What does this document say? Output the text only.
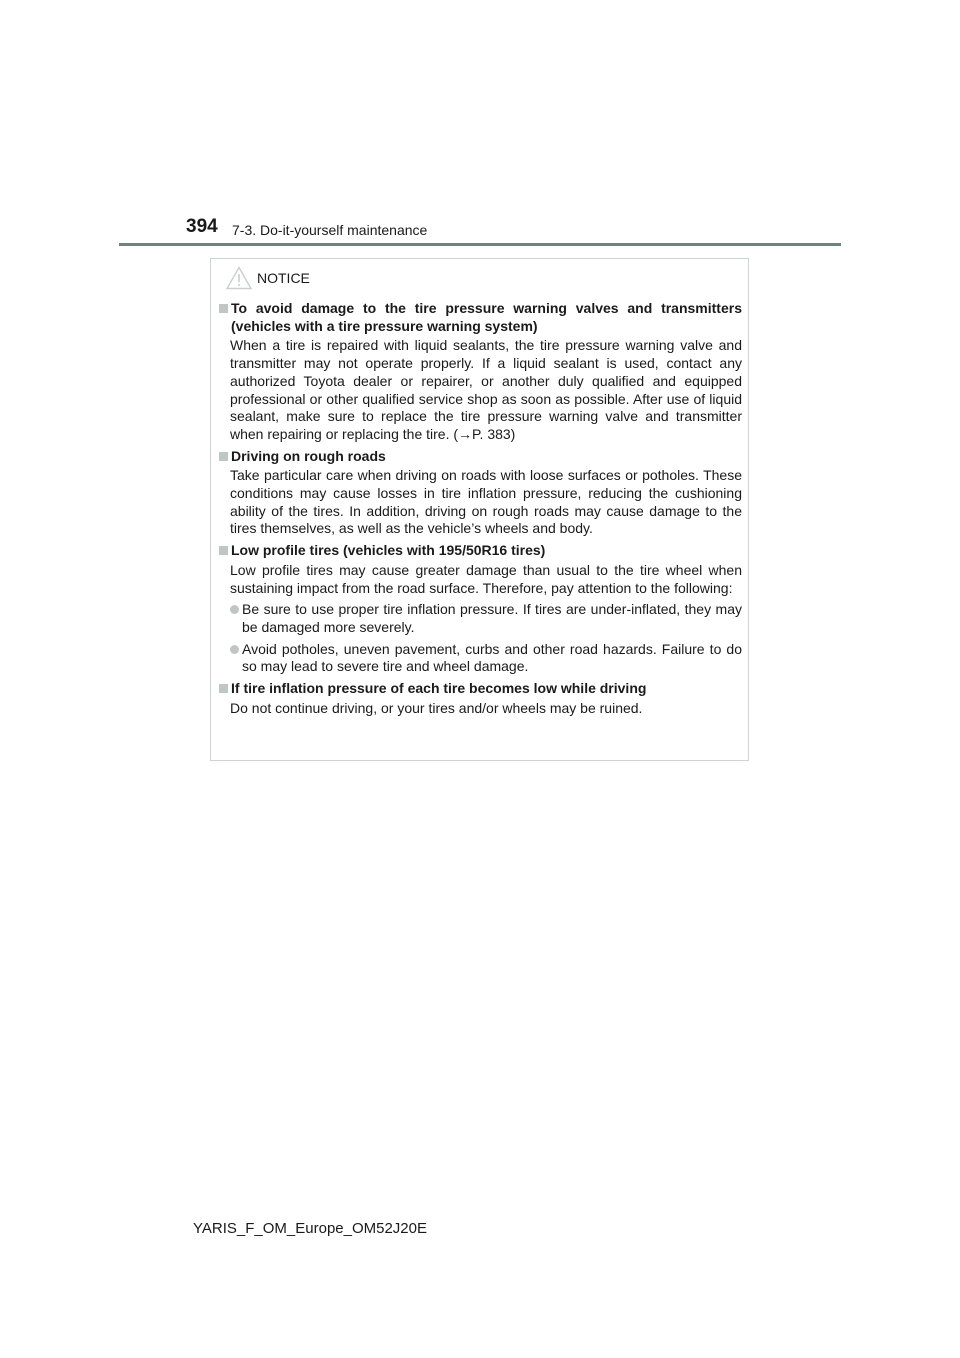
394 7-3. Do-it-yourself maintenance
NOTICE
To avoid damage to the tire pressure warning valves and transmitters (vehicles with a tire pressure warning system)
When a tire is repaired with liquid sealants, the tire pressure warning valve and transmitter may not operate properly. If a liquid sealant is used, contact any authorized Toyota dealer or repairer, or another duly qualified and equipped professional or other qualified service shop as soon as possible. After use of liquid sealant, make sure to replace the tire pressure warning valve and transmitter when repairing or replacing the tire. (→P. 383)
Driving on rough roads
Take particular care when driving on roads with loose surfaces or potholes. These conditions may cause losses in tire inflation pressure, reducing the cushioning ability of the tires. In addition, driving on rough roads may cause damage to the tires themselves, as well as the vehicle’s wheels and body.
Low profile tires (vehicles with 195/50R16 tires)
Low profile tires may cause greater damage than usual to the tire wheel when sustaining impact from the road surface. Therefore, pay attention to the following:
Be sure to use proper tire inflation pressure. If tires are under-inflated, they may be damaged more severely.
Avoid potholes, uneven pavement, curbs and other road hazards. Failure to do so may lead to severe tire and wheel damage.
If tire inflation pressure of each tire becomes low while driving
Do not continue driving, or your tires and/or wheels may be ruined.
YARIS_F_OM_Europe_OM52J20E
